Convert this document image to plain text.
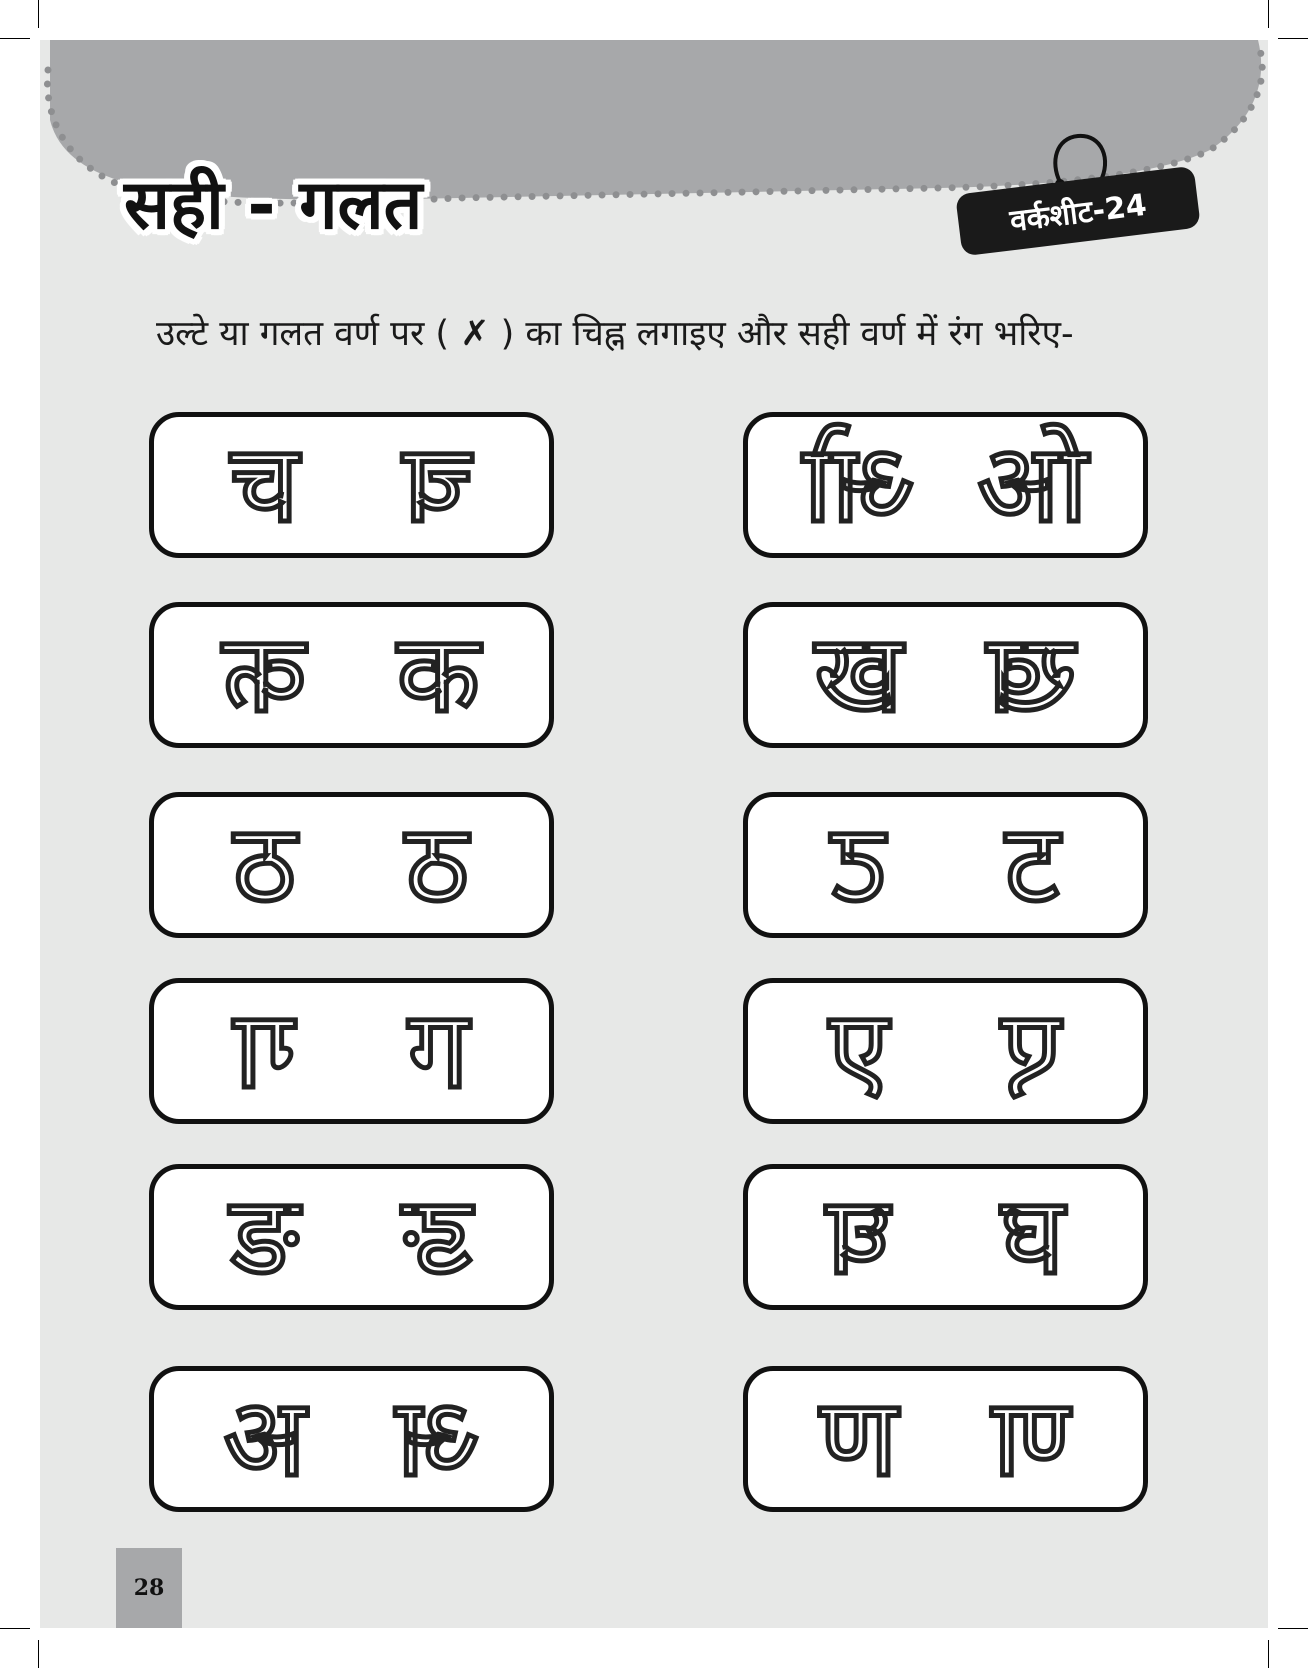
सही - गलत	वर्कशीट-24
उल्टे या गलत वर्ण पर ( ✗ ) का चिह्न लगाइए और सही वर्ण में रंग भरिए-
च च	ओ ओ
क क	ख ख
ठ ठ	ट ट
ग ग	ए ए
ङ ङ	घ घ
अ अ	ण ण
28
